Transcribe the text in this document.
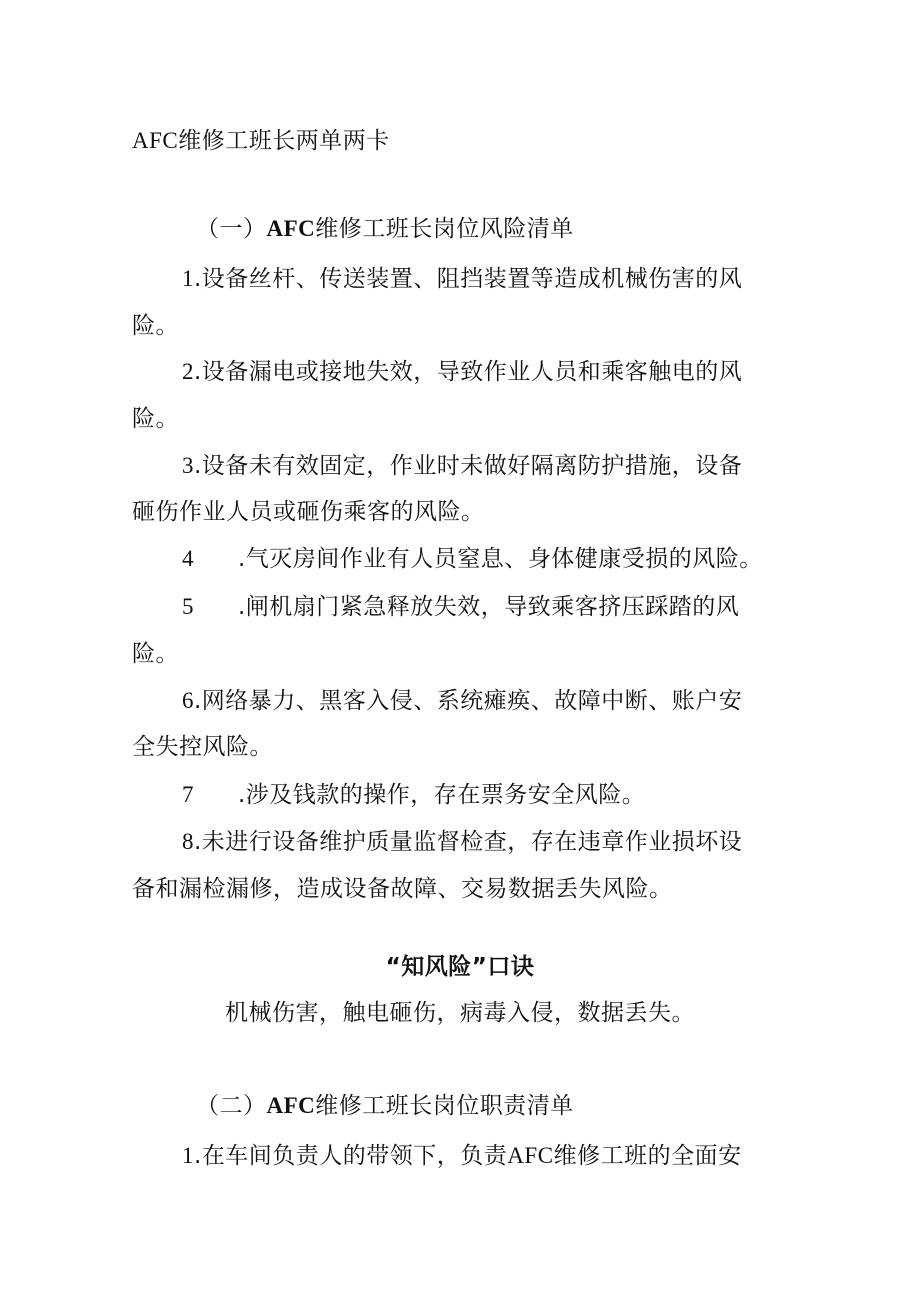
AFC维修工班长两单两卡
（一）AFC维修工班长岗位风险清单
1.设备丝杆、传送装置、阻挡装置等造成机械伤害的风
险。
2.设备漏电或接地失效，导致作业人员和乘客触电的风
险。
3.设备未有效固定，作业时未做好隔离防护措施，设备
砸伤作业人员或砸伤乘客的风险。
4 .气灭房间作业有人员窒息、身体健康受损的风险。
5 .闸机扇门紧急释放失效，导致乘客挤压踩踏的风
险。
6.网络暴力、黑客入侵、系统瘫痪、故障中断、账户安
全失控风险。
7 .涉及钱款的操作，存在票务安全风险。
8.未进行设备维护质量监督检查，存在违章作业损坏设
备和漏检漏修，造成设备故障、交易数据丢失风险。
“知风险”口诀
机械伤害，触电砸伤，病毒入侵，数据丢失。
（二）AFC维修工班长岗位职责清单
1.在车间负责人的带领下，负责AFC维修工班的全面安
